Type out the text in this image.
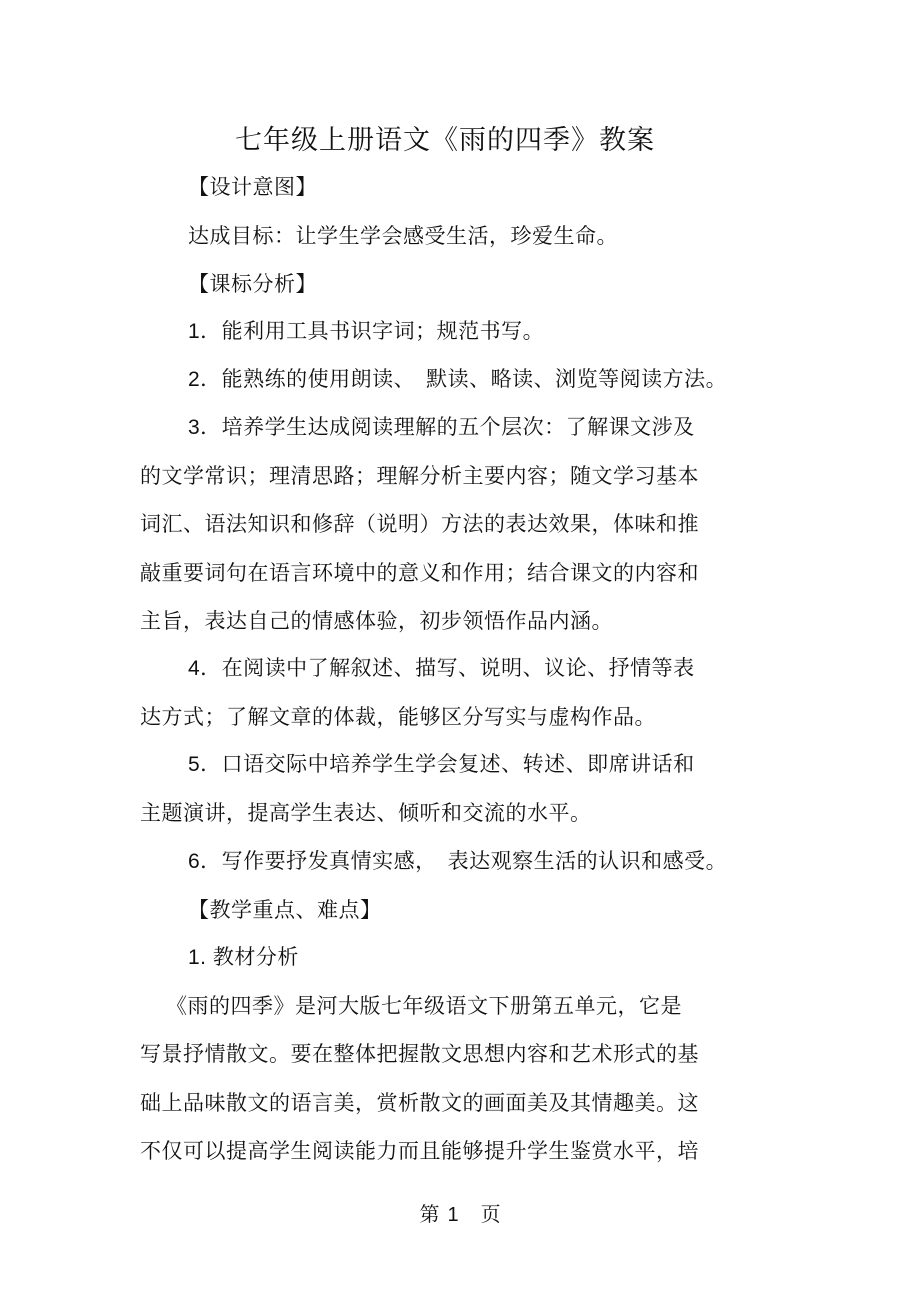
七年级上册语文《雨的四季》教案
【设计意图】
达成目标：让学生学会感受生活，珍爱生命。
【课标分析】
1．能利用工具书识字词；规范书写。
2．能熟练的使用朗读、　默读、略读、浏览等阅读方法。
3．培养学生达成阅读理解的五个层次：了解课文涉及
的文学常识；理清思路；理解分析主要内容；随文学习基本
词汇、语法知识和修辞（说明）方法的表达效果，体味和推
敲重要词句在语言环境中的意义和作用；结合课文的内容和
主旨，表达自己的情感体验，初步领悟作品内涵。
4．在阅读中了解叙述、描写、说明、议论、抒情等表
达方式；了解文章的体裁，能够区分写实与虚构作品。
5．口语交际中培养学生学会复述、转述、即席讲话和
主题演讲，提高学生表达、倾听和交流的水平。
6．写作要抒发真情实感，　表达观察生活的认识和感受。
【教学重点、难点】
1. 教材分析
《雨的四季》是河大版七年级语文下册第五单元，它是
写景抒情散文。要在整体把握散文思想内容和艺术形式的基
础上品味散文的语言美，赏析散文的画面美及其情趣美。这
不仅可以提高学生阅读能力而且能够提升学生鉴赏水平，培
第 1 页
